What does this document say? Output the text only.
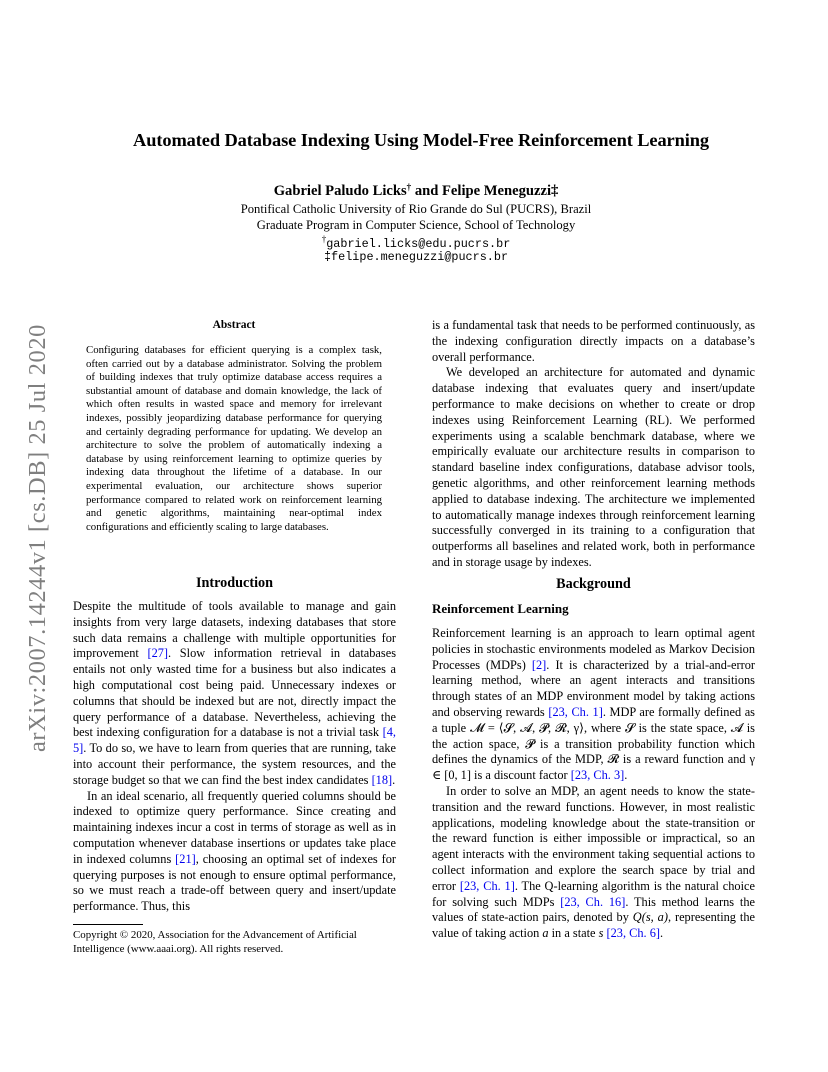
Automated Database Indexing Using Model-Free Reinforcement Learning
Gabriel Paludo Licks† and Felipe Meneguzzi‡
Pontifical Catholic University of Rio Grande do Sul (PUCRS), Brazil
Graduate Program in Computer Science, School of Technology
†gabriel.licks@edu.pucrs.br
‡felipe.meneguzzi@pucrs.br
arXiv:2007.14244v1 [cs.DB] 25 Jul 2020	Abstract
Configuring databases for efficient querying is a complex task, often carried out by a database administrator. Solving the problem of building indexes that truly optimize database access requires a substantial amount of database and domain knowledge, the lack of which often results in wasted space and memory for irrelevant indexes, possibly jeopardizing database performance for querying and certainly degrading performance for updating. We develop an architecture to solve the problem of automatically indexing a database by using reinforcement learning to optimize queries by indexing data throughout the lifetime of a database. In our experimental evaluation, our architecture shows superior performance compared to related work on reinforcement learning and genetic algorithms, maintaining near-optimal index configurations and efficiently scaling to large databases.
Introduction

Despite the multitude of tools available to manage and gain insights from very large datasets, indexing databases that store such data remains a challenge with multiple opportunities for improvement [27]. Slow information retrieval in databases entails not only wasted time for a business but also indicates a high computational cost being paid. Unnecessary indexes or columns that should be indexed but are not, directly impact the query performance of a database. Nevertheless, achieving the best indexing configuration for a database is not a trivial task [4, 5]. To do so, we have to learn from queries that are running, take into account their performance, the system resources, and the storage budget so that we can find the best index candidates [18].

In an ideal scenario, all frequently queried columns should be indexed to optimize query performance. Since creating and maintaining indexes incur a cost in terms of storage as well as in computation whenever database insertions or updates take place in indexed columns [21], choosing an optimal set of indexes for querying purposes is not enough to ensure optimal performance, so we must reach a trade-off between query and insert/update performance. Thus, this

Copyright © 2020, Association for the Advancement of Artificial Intelligence (www.aaai.org). All rights reserved.

is a fundamental task that needs to be performed continuously, as the indexing configuration directly impacts on a database’s overall performance.

We developed an architecture for automated and dynamic database indexing that evaluates query and insert/update performance to make decisions on whether to create or drop indexes using Reinforcement Learning (RL). We performed experiments using a scalable benchmark database, where we empirically evaluate our architecture results in comparison to standard baseline index configurations, database advisor tools, genetic algorithms, and other reinforcement learning methods applied to database indexing. The architecture we implemented to automatically manage indexes through reinforcement learning successfully converged in its training to a configuration that outperforms all baselines and related work, both in performance and in storage usage by indexes.

Background
Reinforcement Learning

Reinforcement learning is an approach to learn optimal agent policies in stochastic environments modeled as Markov Decision Processes (MDPs) [2]. It is characterized by a trial-and-error learning method, where an agent interacts and transitions through states of an MDP environment model by taking actions and observing rewards [23, Ch. 1]. MDP are formally defined as a tuple 𝓜 = ⟨𝓢, 𝓐, 𝓟, 𝓡, γ⟩, where 𝓢 is the state space, 𝓐 is the action space, 𝓟 is a transition probability function which defines the dynamics of the MDP, 𝓡 is a reward function and γ ∈ [0, 1] is a discount factor [23, Ch. 3].

In order to solve an MDP, an agent needs to know the state-transition and the reward functions. However, in most realistic applications, modeling knowledge about the state-transition or the reward function is either impossible or impractical, so an agent interacts with the environment taking sequential actions to collect information and explore the search space by trial and error [23, Ch. 1]. The Q-learning algorithm is the natural choice for solving such MDPs [23, Ch. 16]. This method learns the values of state-action pairs, denoted by Q(s, a), representing the value of taking action a in a state s [23, Ch. 6].
